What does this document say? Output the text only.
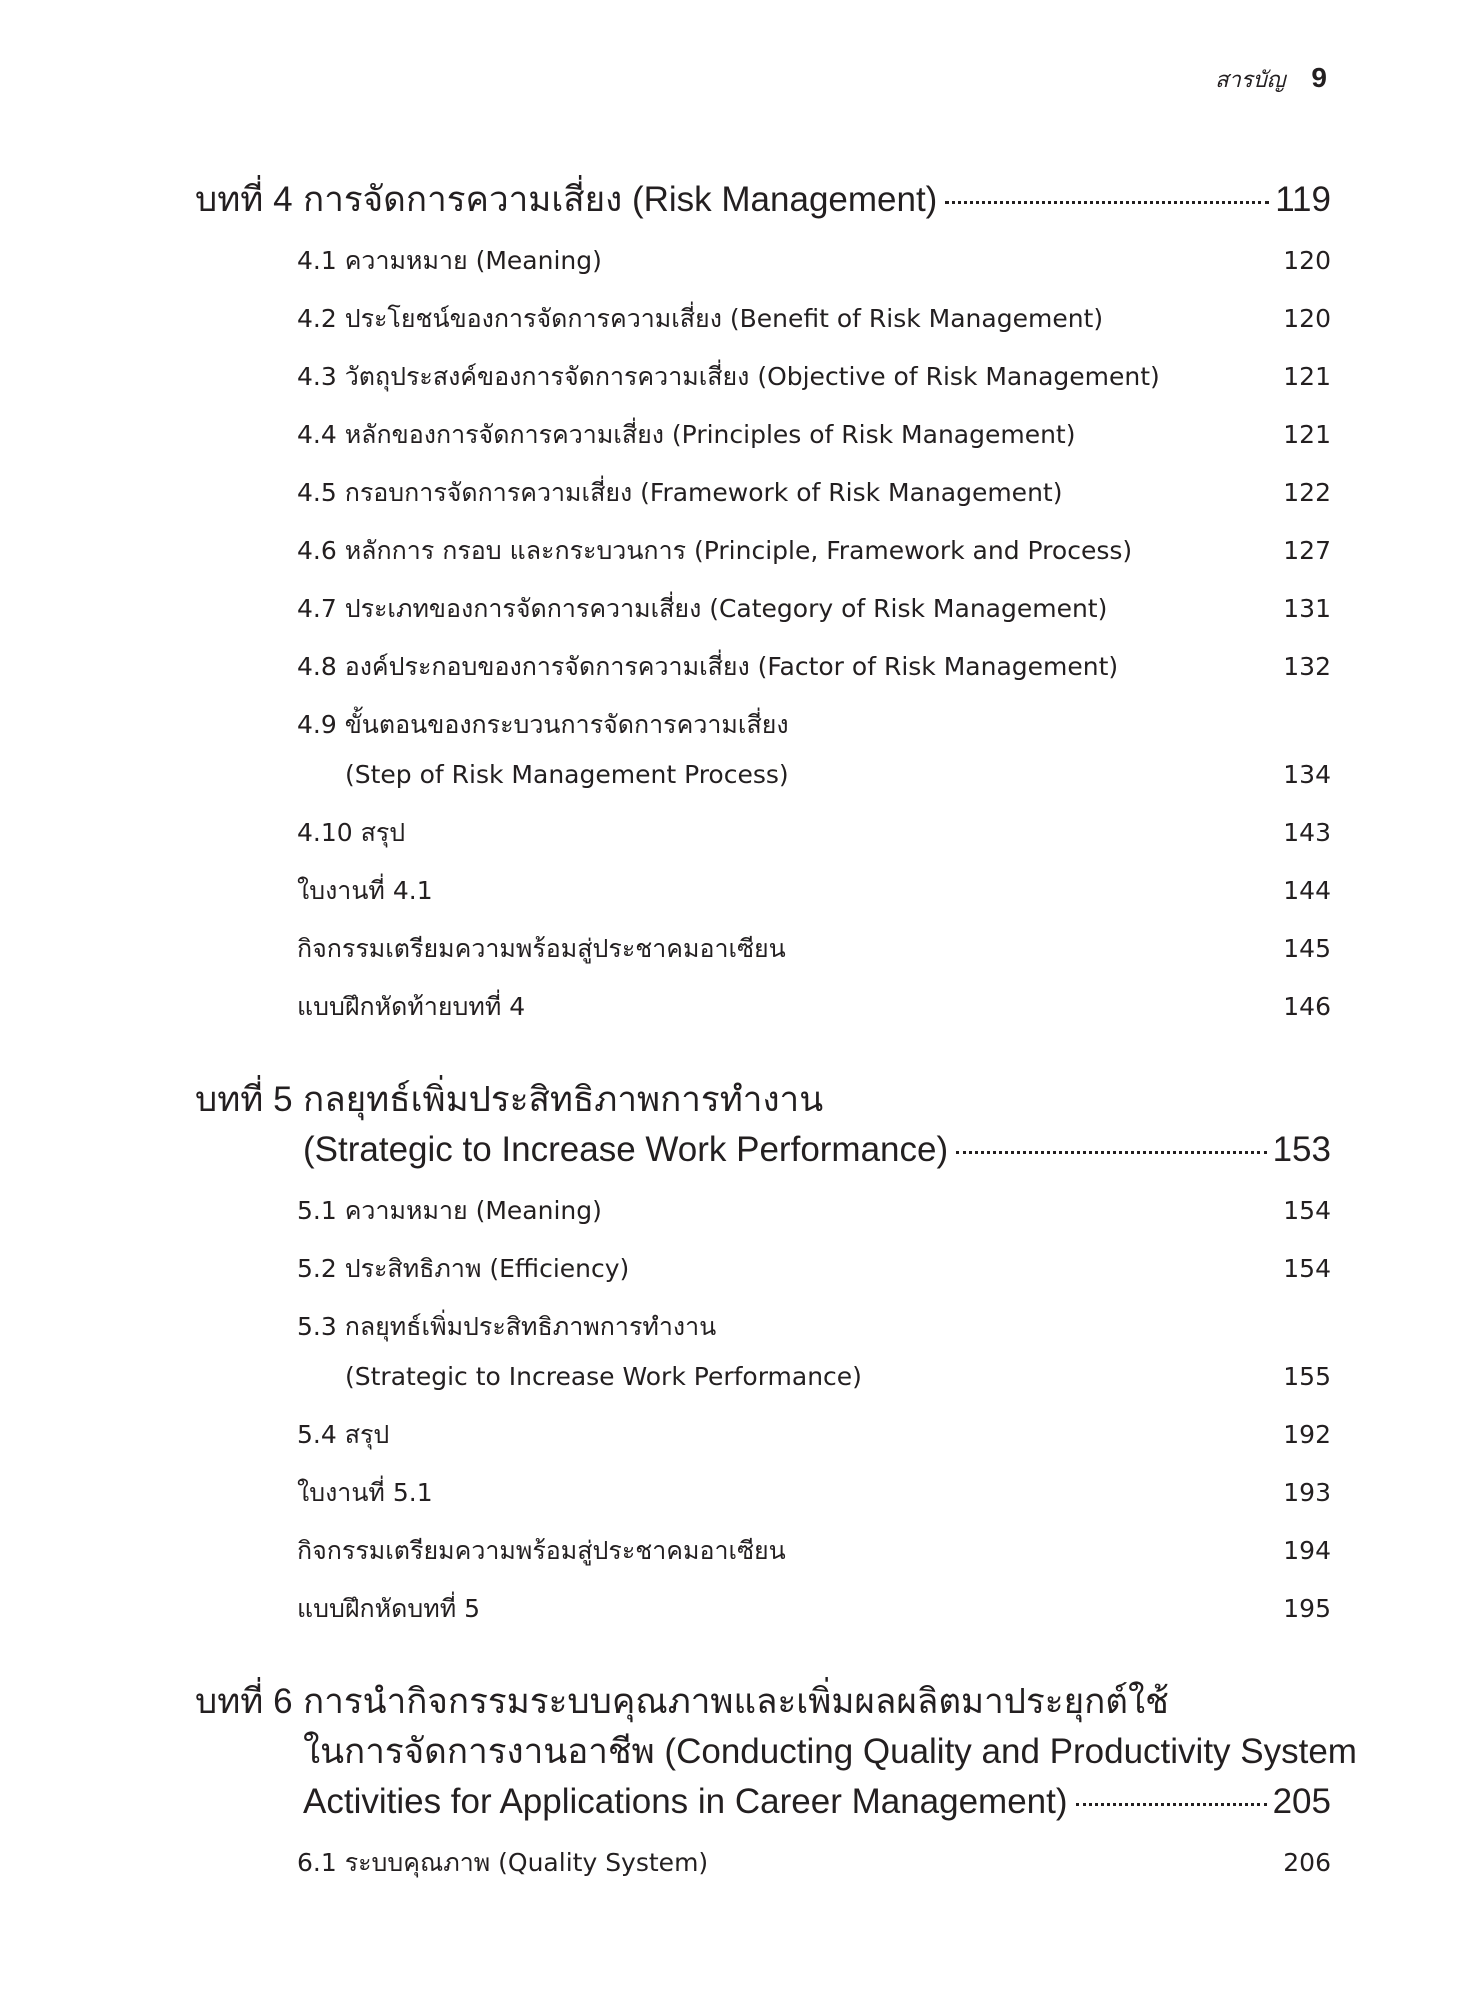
สารบัญ 9
บทที่ 4 การจัดการความเสี่ยง (Risk Management)	119
4.1 ความหมาย (Meaning)	120
4.2 ประโยชน์ของการจัดการความเสี่ยง (Benefit of Risk Management)	120
4.3 วัตถุประสงค์ของการจัดการความเสี่ยง (Objective of Risk Management)	121
4.4 หลักของการจัดการความเสี่ยง (Principles of Risk Management)	121
4.5 กรอบการจัดการความเสี่ยง (Framework of Risk Management)	122
4.6 หลักการ กรอบ และกระบวนการ (Principle, Framework and Process)	127
4.7 ประเภทของการจัดการความเสี่ยง (Category of Risk Management)	131
4.8 องค์ประกอบของการจัดการความเสี่ยง (Factor of Risk Management)	132
4.9 ขั้นตอนของกระบวนการจัดการความเสี่ยง
(Step of Risk Management Process)	134
4.10 สรุป	143
ใบงานที่ 4.1	144
กิจกรรมเตรียมความพร้อมสู่ประชาคมอาเซียน	145
แบบฝึกหัดท้ายบทที่ 4	146
บทที่ 5 กลยุทธ์เพิ่มประสิทธิภาพการทำงาน
(Strategic to Increase Work Performance)	153
5.1 ความหมาย (Meaning)	154
5.2 ประสิทธิภาพ (Efficiency)	154
5.3 กลยุทธ์เพิ่มประสิทธิภาพการทำงาน
(Strategic to Increase Work Performance)	155
5.4 สรุป	192
ใบงานที่ 5.1	193
กิจกรรมเตรียมความพร้อมสู่ประชาคมอาเซียน	194
แบบฝึกหัดบทที่ 5	195
บทที่ 6 การนำกิจกรรมระบบคุณภาพและเพิ่มผลผลิตมาประยุกต์ใช้
ในการจัดการงานอาชีพ (Conducting Quality and Productivity System
Activities for Applications in Career Management)	205
6.1 ระบบคุณภาพ (Quality System)	206
